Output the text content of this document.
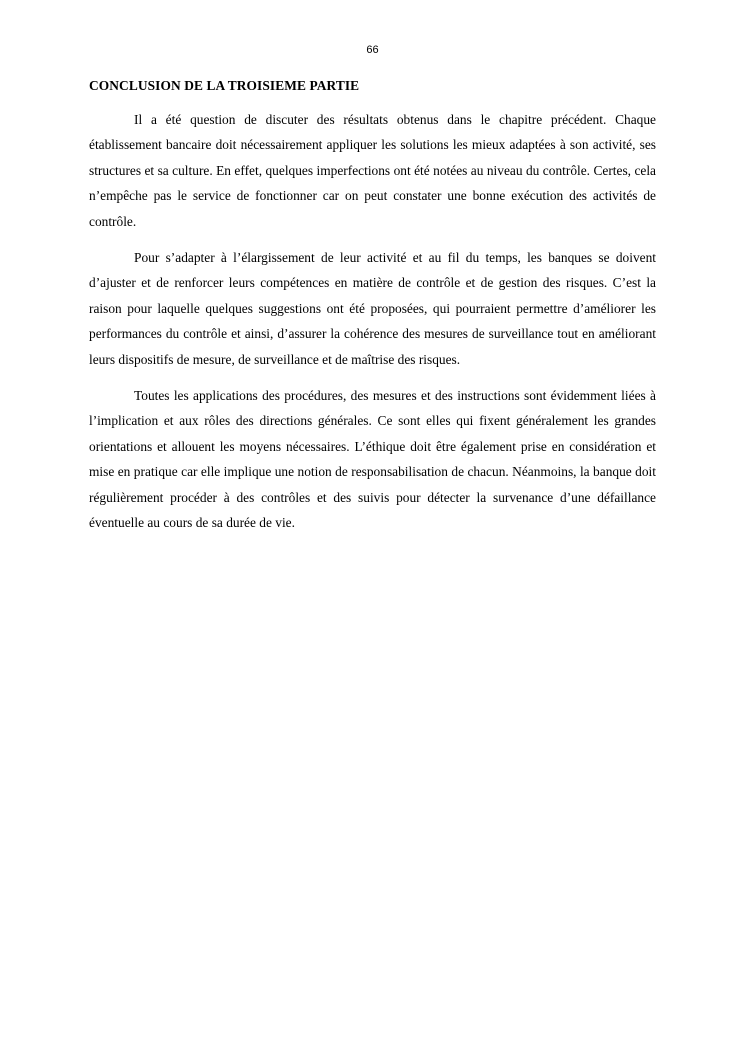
66
CONCLUSION DE LA TROISIEME PARTIE

Il a été question de discuter des résultats obtenus dans le chapitre précédent. Chaque établissement bancaire doit nécessairement appliquer les solutions les mieux adaptées à son activité, ses structures et sa culture. En effet, quelques imperfections ont été notées au niveau du contrôle. Certes, cela n’empêche pas le service de fonctionner car on peut constater une bonne exécution des activités de contrôle.

Pour s’adapter à l’élargissement de leur activité et au fil du temps, les banques se doivent d’ajuster et de renforcer leurs compétences en matière de contrôle et de gestion des risques. C’est la raison pour laquelle quelques suggestions ont été proposées, qui pourraient permettre d’améliorer les performances du contrôle et ainsi, d’assurer la cohérence des mesures de surveillance tout en améliorant leurs dispositifs de mesure, de surveillance et de maîtrise des risques.

Toutes les applications des procédures, des mesures et des instructions sont évidemment liées à l’implication et aux rôles des directions générales. Ce sont elles qui fixent généralement les grandes orientations et allouent les moyens nécessaires. L’éthique doit être également prise en considération et mise en pratique car elle implique une notion de responsabilisation de chacun. Néanmoins, la banque doit régulièrement procéder à des contrôles et des suivis pour détecter la survenance d’une défaillance éventuelle au cours de sa durée de vie.
